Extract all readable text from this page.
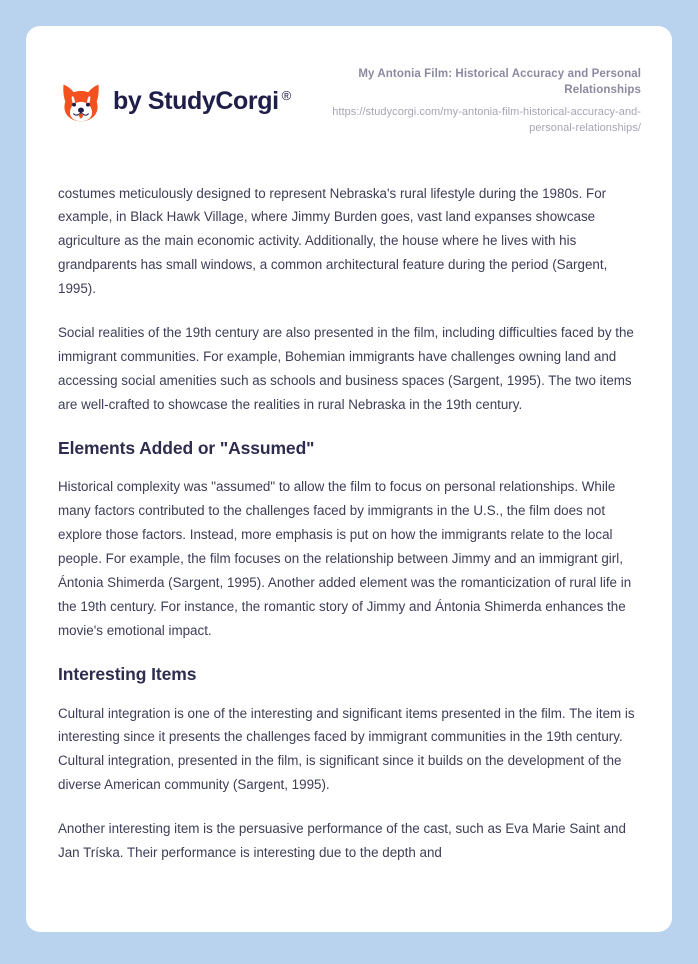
by StudyCorgi ®
My Antonia Film: Historical Accuracy and Personal Relationships
https://studycorgi.com/my-antonia-film-historical-accuracy-and-personal-relationships/

costumes meticulously designed to represent Nebraska's rural lifestyle during the 1980s. For example, in Black Hawk Village, where Jimmy Burden goes, vast land expanses showcase agriculture as the main economic activity. Additionally, the house where he lives with his grandparents has small windows, a common architectural feature during the period (Sargent, 1995).

Social realities of the 19th century are also presented in the film, including difficulties faced by the immigrant communities. For example, Bohemian immigrants have challenges owning land and accessing social amenities such as schools and business spaces (Sargent, 1995). The two items are well-crafted to showcase the realities in rural Nebraska in the 19th century.

Elements Added or "Assumed"

Historical complexity was "assumed" to allow the film to focus on personal relationships. While many factors contributed to the challenges faced by immigrants in the U.S., the film does not explore those factors. Instead, more emphasis is put on how the immigrants relate to the local people. For example, the film focuses on the relationship between Jimmy and an immigrant girl, Ántonia Shimerda (Sargent, 1995). Another added element was the romanticization of rural life in the 19th century. For instance, the romantic story of Jimmy and Ántonia Shimerda enhances the movie's emotional impact.

Interesting Items

Cultural integration is one of the interesting and significant items presented in the film. The item is interesting since it presents the challenges faced by immigrant communities in the 19th century. Cultural integration, presented in the film, is significant since it builds on the development of the diverse American community (Sargent, 1995).

Another interesting item is the persuasive performance of the cast, such as Eva Marie Saint and Jan Tríska. Their performance is interesting due to the depth and
